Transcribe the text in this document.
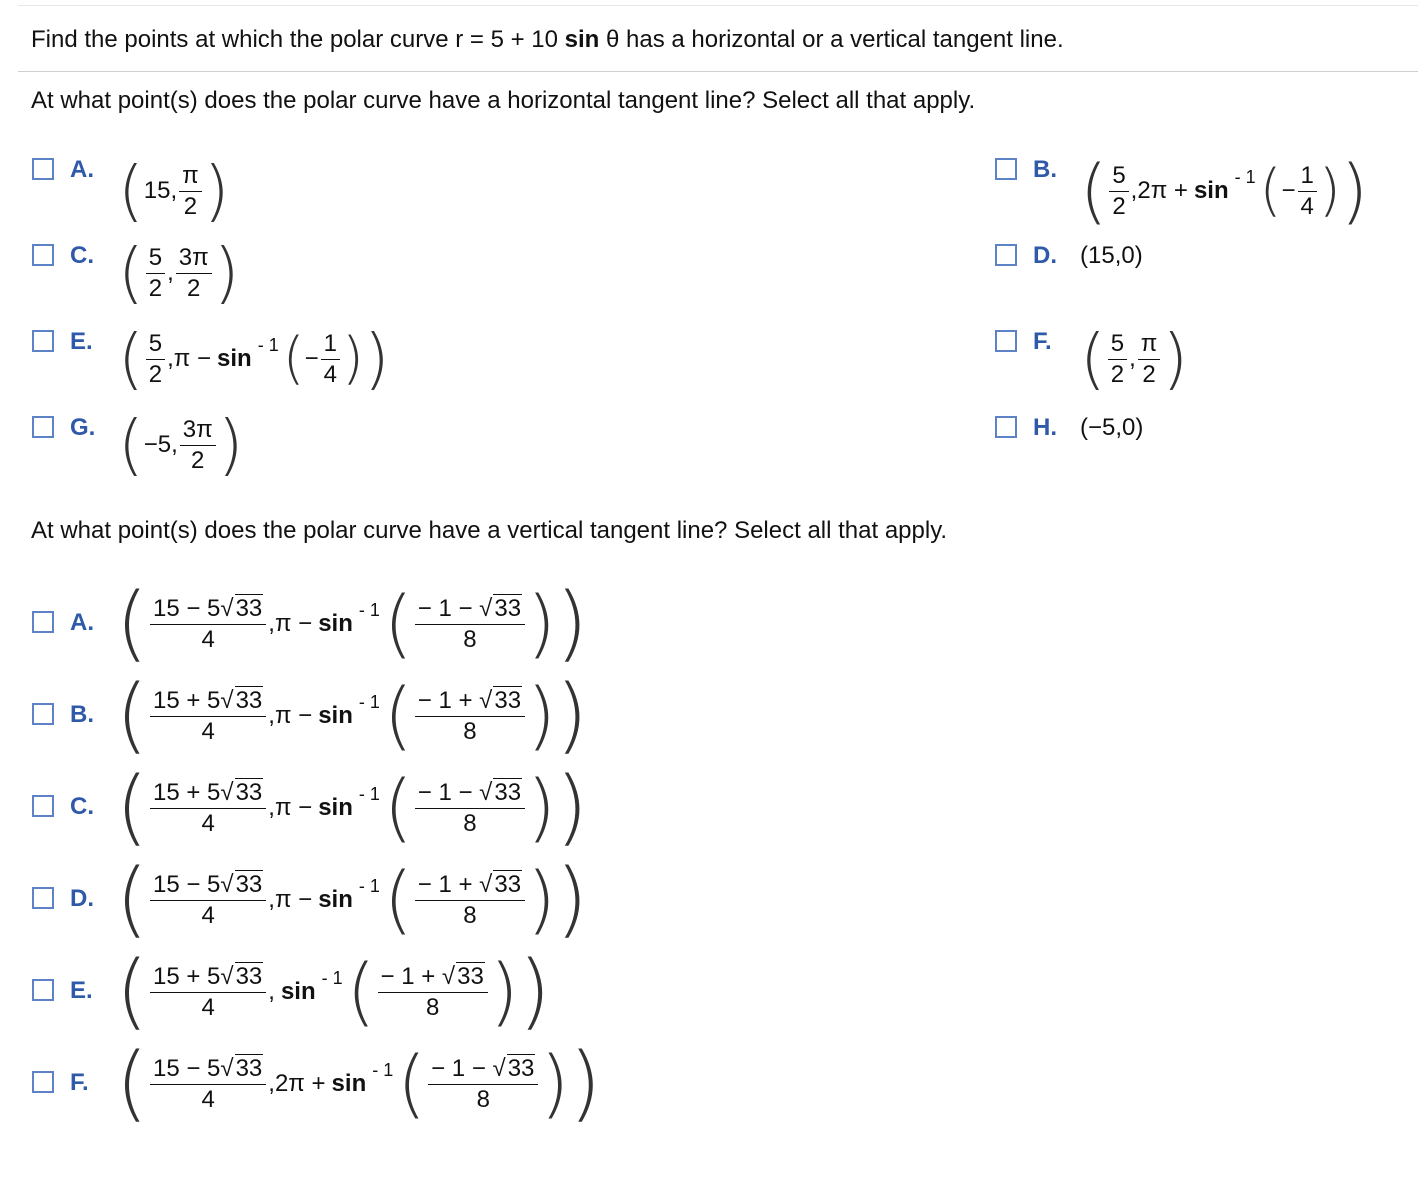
Find the points at which the polar curve r = 5 + 10 sin θ has a horizontal or a vertical tangent line.
At what point(s) does the polar curve have a horizontal tangent line? Select all that apply.
A. ( 15, $\frac{\pi}{2}$ )	B. ( $\frac{5}{2} ,2\pi + \sin$
- 1 ( − $\frac{1}{4}$ ) )
C. ( $\frac{5}{2}$ , $\frac{3\pi}{2}$ )	D. (15,0)
E. ( $\frac{5}{2} ,\pi - \sin$
- 1 ( − $\frac{1}{4}$ ) )	F. ( $\frac{5}{2}$ , $\frac{\pi}{2}$ )
G. ( −5, $\frac{3\pi}{2}$ )	H. (−5,0)
At what point(s) does the polar curve have a vertical tangent line? Select all that apply.
A. ( $\frac{15 - 5√33}{4} ,\pi - \sin$
- 1 ( $\frac{- 1 - √33}{8}$ ) )
B. ( $\frac{15 + 5√33}{4} ,\pi - \sin$
- 1 ( $\frac{- 1 + √33}{8}$ ) )
C. ( $\frac{15 + 5√33}{4} ,\pi - \sin$
- 1 ( $\frac{- 1 - √33}{8}$ ) )
D. ( $\frac{15 - 5√33}{4} ,\pi - \sin$
- 1 ( $\frac{- 1 + √33}{8}$ ) )
E. ( $\frac{15 + 5√33}{4}$ , sin
- 1 ( $\frac{- 1 + √33}{8}$ ) )
F. ( $\frac{15 - 5√33}{4} ,2\pi + \sin$
- 1 ( $\frac{- 1 - √33}{8}$ ) )
